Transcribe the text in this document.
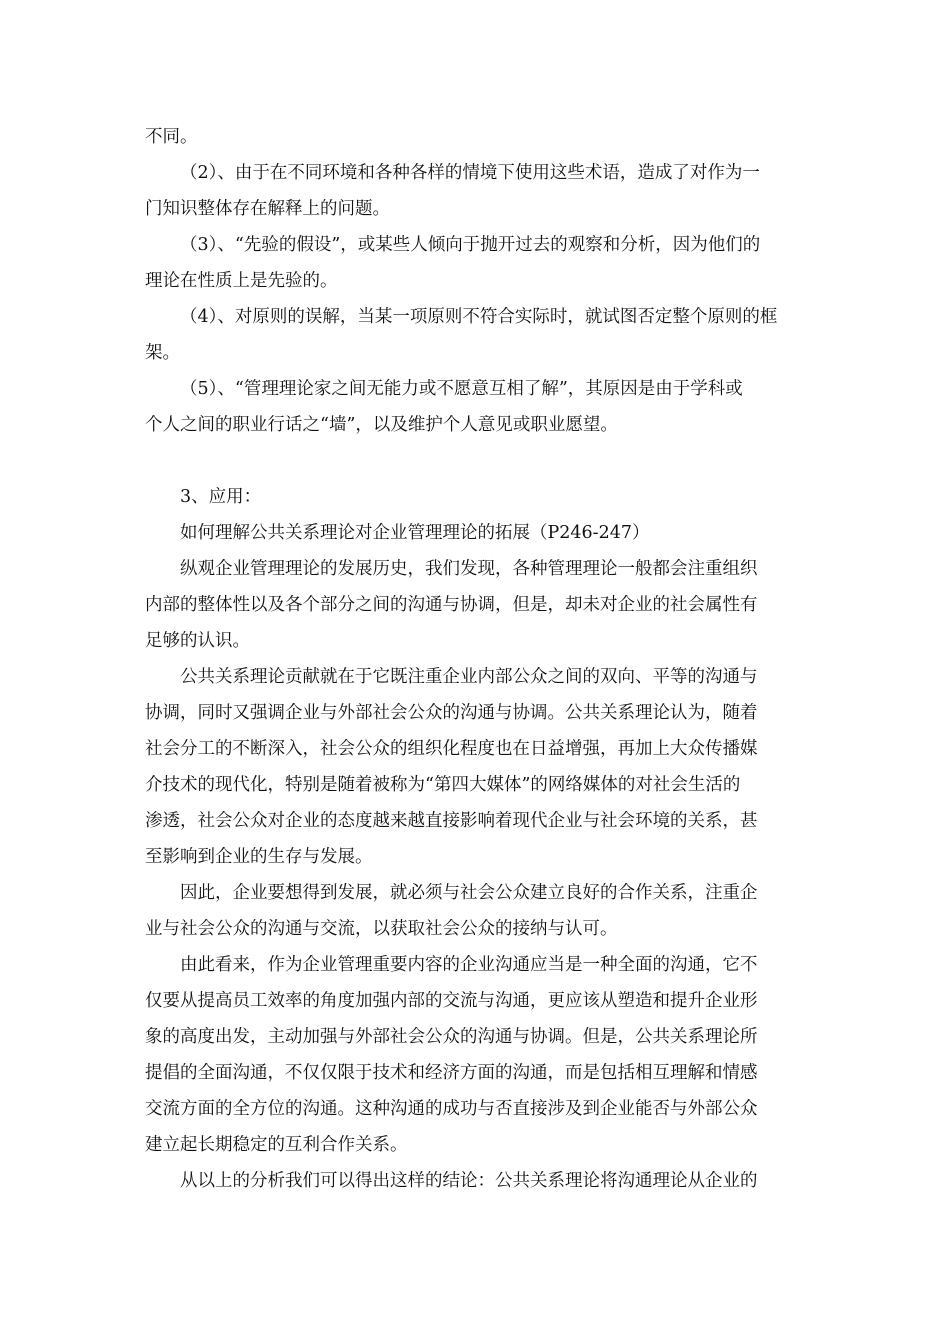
不同。
（2）、由于在不同环境和各种各样的情境下使用这些术语，造成了对作为一
门知识整体存在解释上的问题。
（3）、“先验的假设”，或某些人倾向于抛开过去的观察和分析，因为他们的
理论在性质上是先验的。
（4）、对原则的误解，当某一项原则不符合实际时，就试图否定整个原则的框
架。
（5）、“管理理论家之间无能力或不愿意互相了解”，其原因是由于学科或
个人之间的职业行话之“墙”，以及维护个人意见或职业愿望。
3、应用：
如何理解公共关系理论对企业管理理论的拓展（P246-247）
纵观企业管理理论的发展历史，我们发现，各种管理理论一般都会注重组织
内部的整体性以及各个部分之间的沟通与协调，但是，却未对企业的社会属性有
足够的认识。
公共关系理论贡献就在于它既注重企业内部公众之间的双向、平等的沟通与
协调，同时又强调企业与外部社会公众的沟通与协调。公共关系理论认为，随着
社会分工的不断深入，社会公众的组织化程度也在日益增强，再加上大众传播媒
介技术的现代化，特别是随着被称为“第四大媒体”的网络媒体的对社会生活的
渗透，社会公众对企业的态度越来越直接影响着现代企业与社会环境的关系，甚
至影响到企业的生存与发展。
因此，企业要想得到发展，就必须与社会公众建立良好的合作关系，注重企
业与社会公众的沟通与交流，以获取社会公众的接纳与认可。
由此看来，作为企业管理重要内容的企业沟通应当是一种全面的沟通，它不
仅要从提高员工效率的角度加强内部的交流与沟通，更应该从塑造和提升企业形
象的高度出发，主动加强与外部社会公众的沟通与协调。但是，公共关系理论所
提倡的全面沟通，不仅仅限于技术和经济方面的沟通，而是包括相互理解和情感
交流方面的全方位的沟通。这种沟通的成功与否直接涉及到企业能否与外部公众
建立起长期稳定的互利合作关系。
从以上的分析我们可以得出这样的结论：公共关系理论将沟通理论从企业的
